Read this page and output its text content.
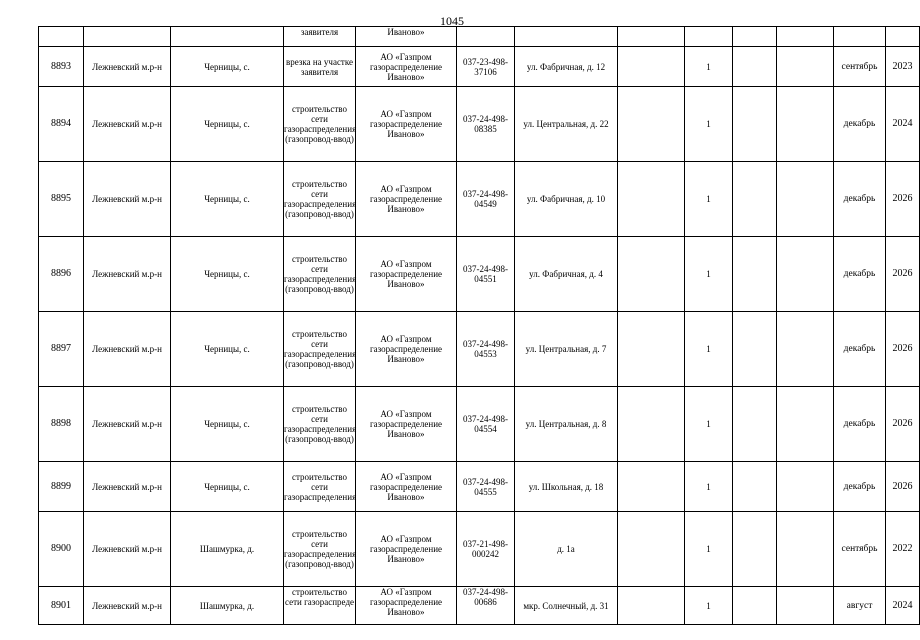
1045
			заявителя	Иваново»								
8893	Лежневский м.р-н	Черницы, с.	врезка на участке заявителя	АО «Газпром газораспределение Иваново»	037-23-498-37106	ул. Фабричная, д. 12		1			сентябрь	2023
8894	Лежневский м.р-н	Черницы, с.	строительство сети газораспределения (газопровод-ввод)	АО «Газпром газораспределение Иваново»	037-24-498-08385	ул. Центральная, д. 22		1			декабрь	2024
8895	Лежневский м.р-н	Черницы, с.	строительство сети газораспределения (газопровод-ввод)	АО «Газпром газораспределение Иваново»	037-24-498-04549	ул. Фабричная, д. 10		1			декабрь	2026
8896	Лежневский м.р-н	Черницы, с.	строительство сети газораспределения (газопровод-ввод)	АО «Газпром газораспределение Иваново»	037-24-498-04551	ул. Фабричная, д. 4		1			декабрь	2026
8897	Лежневский м.р-н	Черницы, с.	строительство сети газораспределения (газопровод-ввод)	АО «Газпром газораспределение Иваново»	037-24-498-04553	ул. Центральная, д. 7		1			декабрь	2026
8898	Лежневский м.р-н	Черницы, с.	строительство сети газораспределения (газопровод-ввод)	АО «Газпром газораспределение Иваново»	037-24-498-04554	ул. Центральная, д. 8		1			декабрь	2026
8899	Лежневский м.р-н	Черницы, с.	строительство сети газораспределения	АО «Газпром газораспределение Иваново»	037-24-498-04555	ул. Школьная, д. 18		1			декабрь	2026
8900	Лежневский м.р-н	Шашмурка, д.	строительство сети газораспределения (газопровод-ввод)	АО «Газпром газораспределение Иваново»	037-21-498-000242	д. 1а		1			сентябрь	2022
8901	Лежневский м.р-н	Шашмурка, д.	строительство сети газораспреде	АО «Газпром газораспределение Иваново»	037-24-498-00686	мкр. Солнечный, д. 31		1			август	2024
